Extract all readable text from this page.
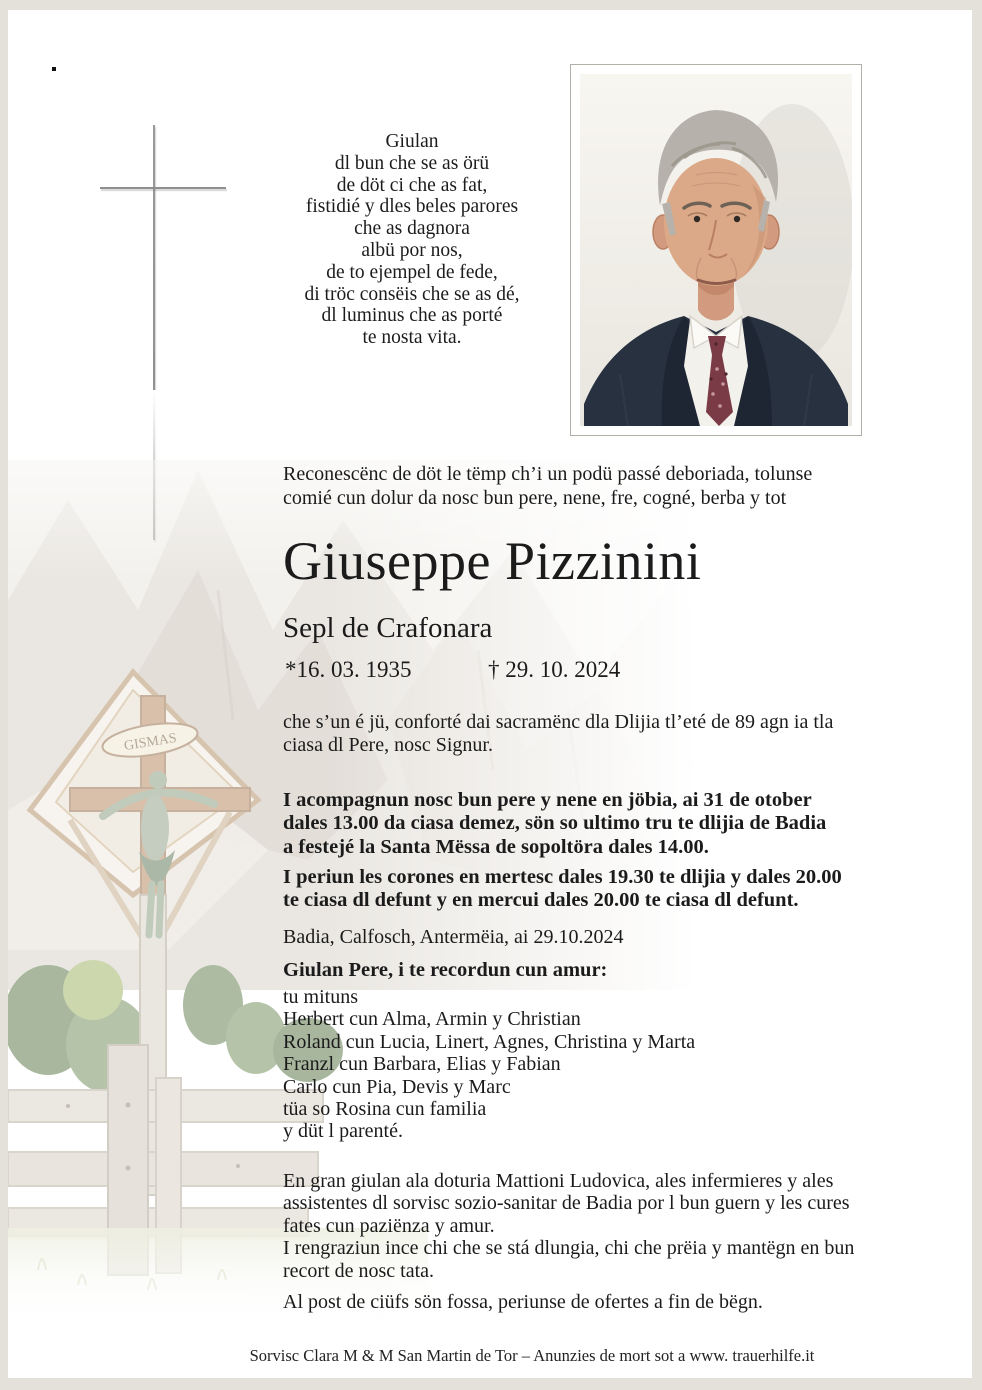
GISMAS
Giulan
dl bun che se as örü
de döt ci che as fat,
fistidié y dles beles parores
che as dagnora
albü por nos,
de to ejempel de fede,
di tröc consëis che se as dé,
dl luminus che as porté
te nosta vita.
Reconescënc de döt le tëmp ch’i un podü passé deboriada, tolunse
comié cun dolur da nosc bun pere, nene, fre, cogné, berba y tot
Giuseppe Pizzinini
Sepl de Crafonara
*16. 03. 1935	† 29. 10. 2024
che s’un é jü, conforté dai sacramënc dla Dlijia tl’eté de 89 agn ia tla
ciasa dl Pere, nosc Signur.
I acompagnun nosc bun pere y nene en jöbia, ai 31 de otober
dales 13.00 da ciasa demez, sön so ultimo tru te dlijia de Badia
a festejé la Santa Mëssa de sopoltöra dales 14.00.
I periun les corones en mertesc dales 19.30 te dlijia y dales 20.00
te ciasa dl defunt y en mercui dales 20.00 te ciasa dl defunt.
Badia, Calfosch, Antermëia, ai 29.10.2024
Giulan Pere, i te recordun cun amur:
tu mituns
Herbert cun Alma, Armin y Christian
Roland cun Lucia, Linert, Agnes, Christina y Marta
Franzl cun Barbara, Elias y Fabian
Carlo cun Pia, Devis y Marc
tüa so Rosina cun familia
y düt l parenté.
En gran giulan ala doturia Mattioni Ludovica, ales infermieres y ales
assistentes dl sorvisc sozio-sanitar de Badia por l bun guern y les cures
fates cun paziënza y amur.
I rengraziun ince chi che se stá dlungia, chi che prëia y mantëgn en bun
recort de nosc tata.
Al post de ciüfs sön fossa, periunse de ofertes a fin de bëgn.
Sorvisc Clara M & M San Martin de Tor – Anunzies de mort sot a www. trauerhilfe.it
